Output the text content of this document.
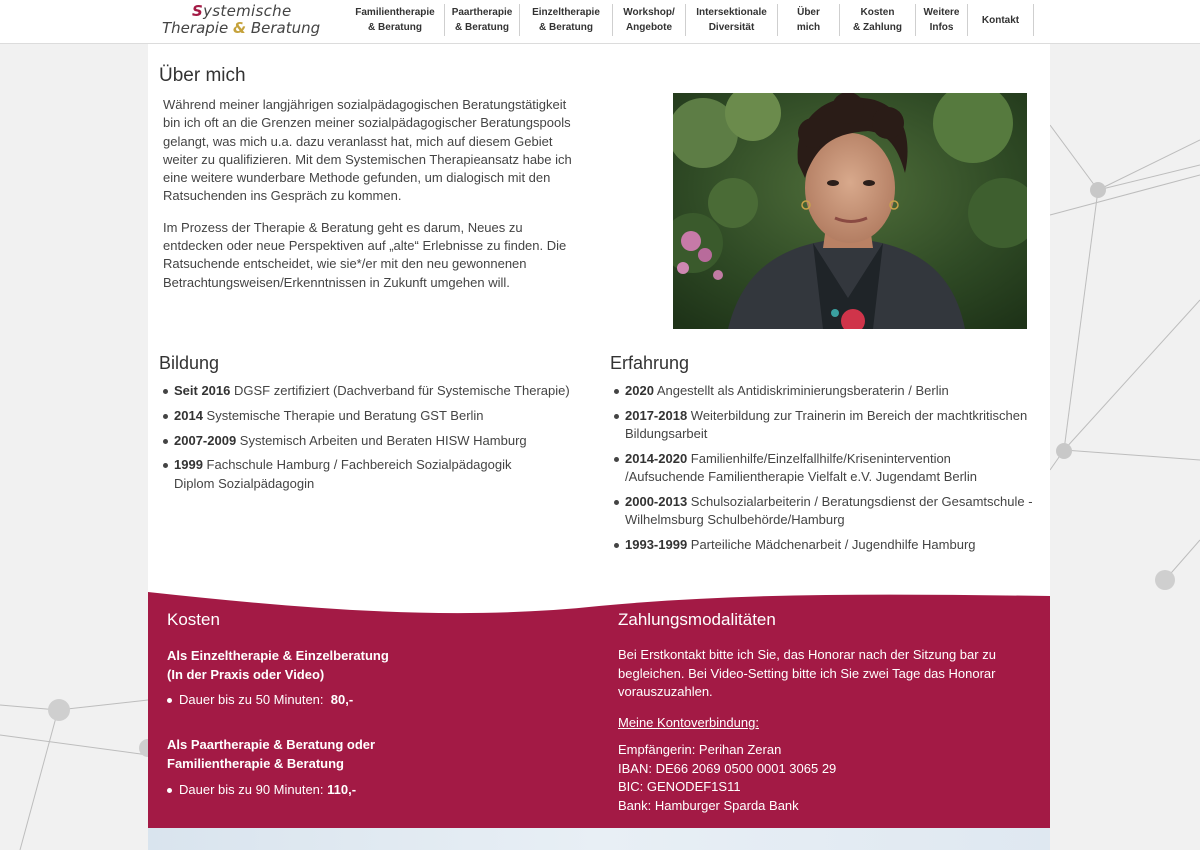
Systemische
Therapie & Beratung
Familientherapie
& Beratung
Paartherapie
& Beratung
Einzeltherapie
& Beratung
Workshop/
Angebote
Intersektionale
Diversität
Über mich
Kosten
& Zahlung
Weitere
Infos
Kontakt
Über mich

Während meiner langjährigen sozialpädagogischen Beratungstätigkeit bin ich oft an die Grenzen meiner sozialpädagogischer Beratungspools gelangt, was mich u.a. dazu veranlasst hat, mich auf diesem Gebiet weiter zu qualifizieren. Mit dem Systemischen Therapieansatz habe ich eine weitere wunderbare Methode gefunden, um dialogisch mit den Ratsuchenden ins Gespräch zu kommen.

Im Prozess der Therapie & Beratung geht es darum, Neues zu entdecken oder neue Perspektiven auf „alte“ Erlebnisse zu finden. Die Ratsuchende entscheidet, wie sie*/er mit den neu gewonnenen Betrachtungsweisen/Erkenntnissen in Zukunft umgehen will.

Bildung
Seit 2016 DGSF zertifiziert (Dachverband für Systemische Therapie)
2014 Systemische Therapie und Beratung GST Berlin
2007-2009 Systemisch Arbeiten und Beraten HISW Hamburg
1999 Fachschule Hamburg / Fachbereich Sozialpädagogik Diplom Sozialpädagogin
Erfahrung
2020 Angestellt als Antidiskriminierungsberaterin / Berlin
2017-2018 Weiterbildung zur Trainerin im Bereich der machtkritischen Bildungsarbeit
2014-2020 Familienhilfe/Einzelfallhilfe/Krisenintervention /Aufsuchende Familientherapie Vielfalt e.V. Jugendamt Berlin
2000-2013 Schulsozialarbeiterin / Beratungsdienst der Gesamtschule -Wilhelmsburg Schulbehörde/Hamburg
1993-1999 Parteiliche Mädchenarbeit / Jugendhilfe Hamburg
Kosten
Als Einzeltherapie & Einzelberatung
(In der Praxis oder Video)
Dauer bis zu 50 Minuten: 80,-
Als Paartherapie & Beratung oder
Familientherapie & Beratung
Dauer bis zu 90 Minuten: 110,-
Zahlungsmodalitäten
Bei Erstkontakt bitte ich Sie, das Honorar nach der Sitzung bar zu begleichen. Bei Video-Setting bitte ich Sie zwei Tage das Honorar vorauszuzahlen.
Meine Kontoverbindung:
Empfängerin: Perihan Zeran
IBAN: DE66 2069 0500 0001 3065 29
BIC: GENODEF1S11
Bank: Hamburger Sparda Bank
